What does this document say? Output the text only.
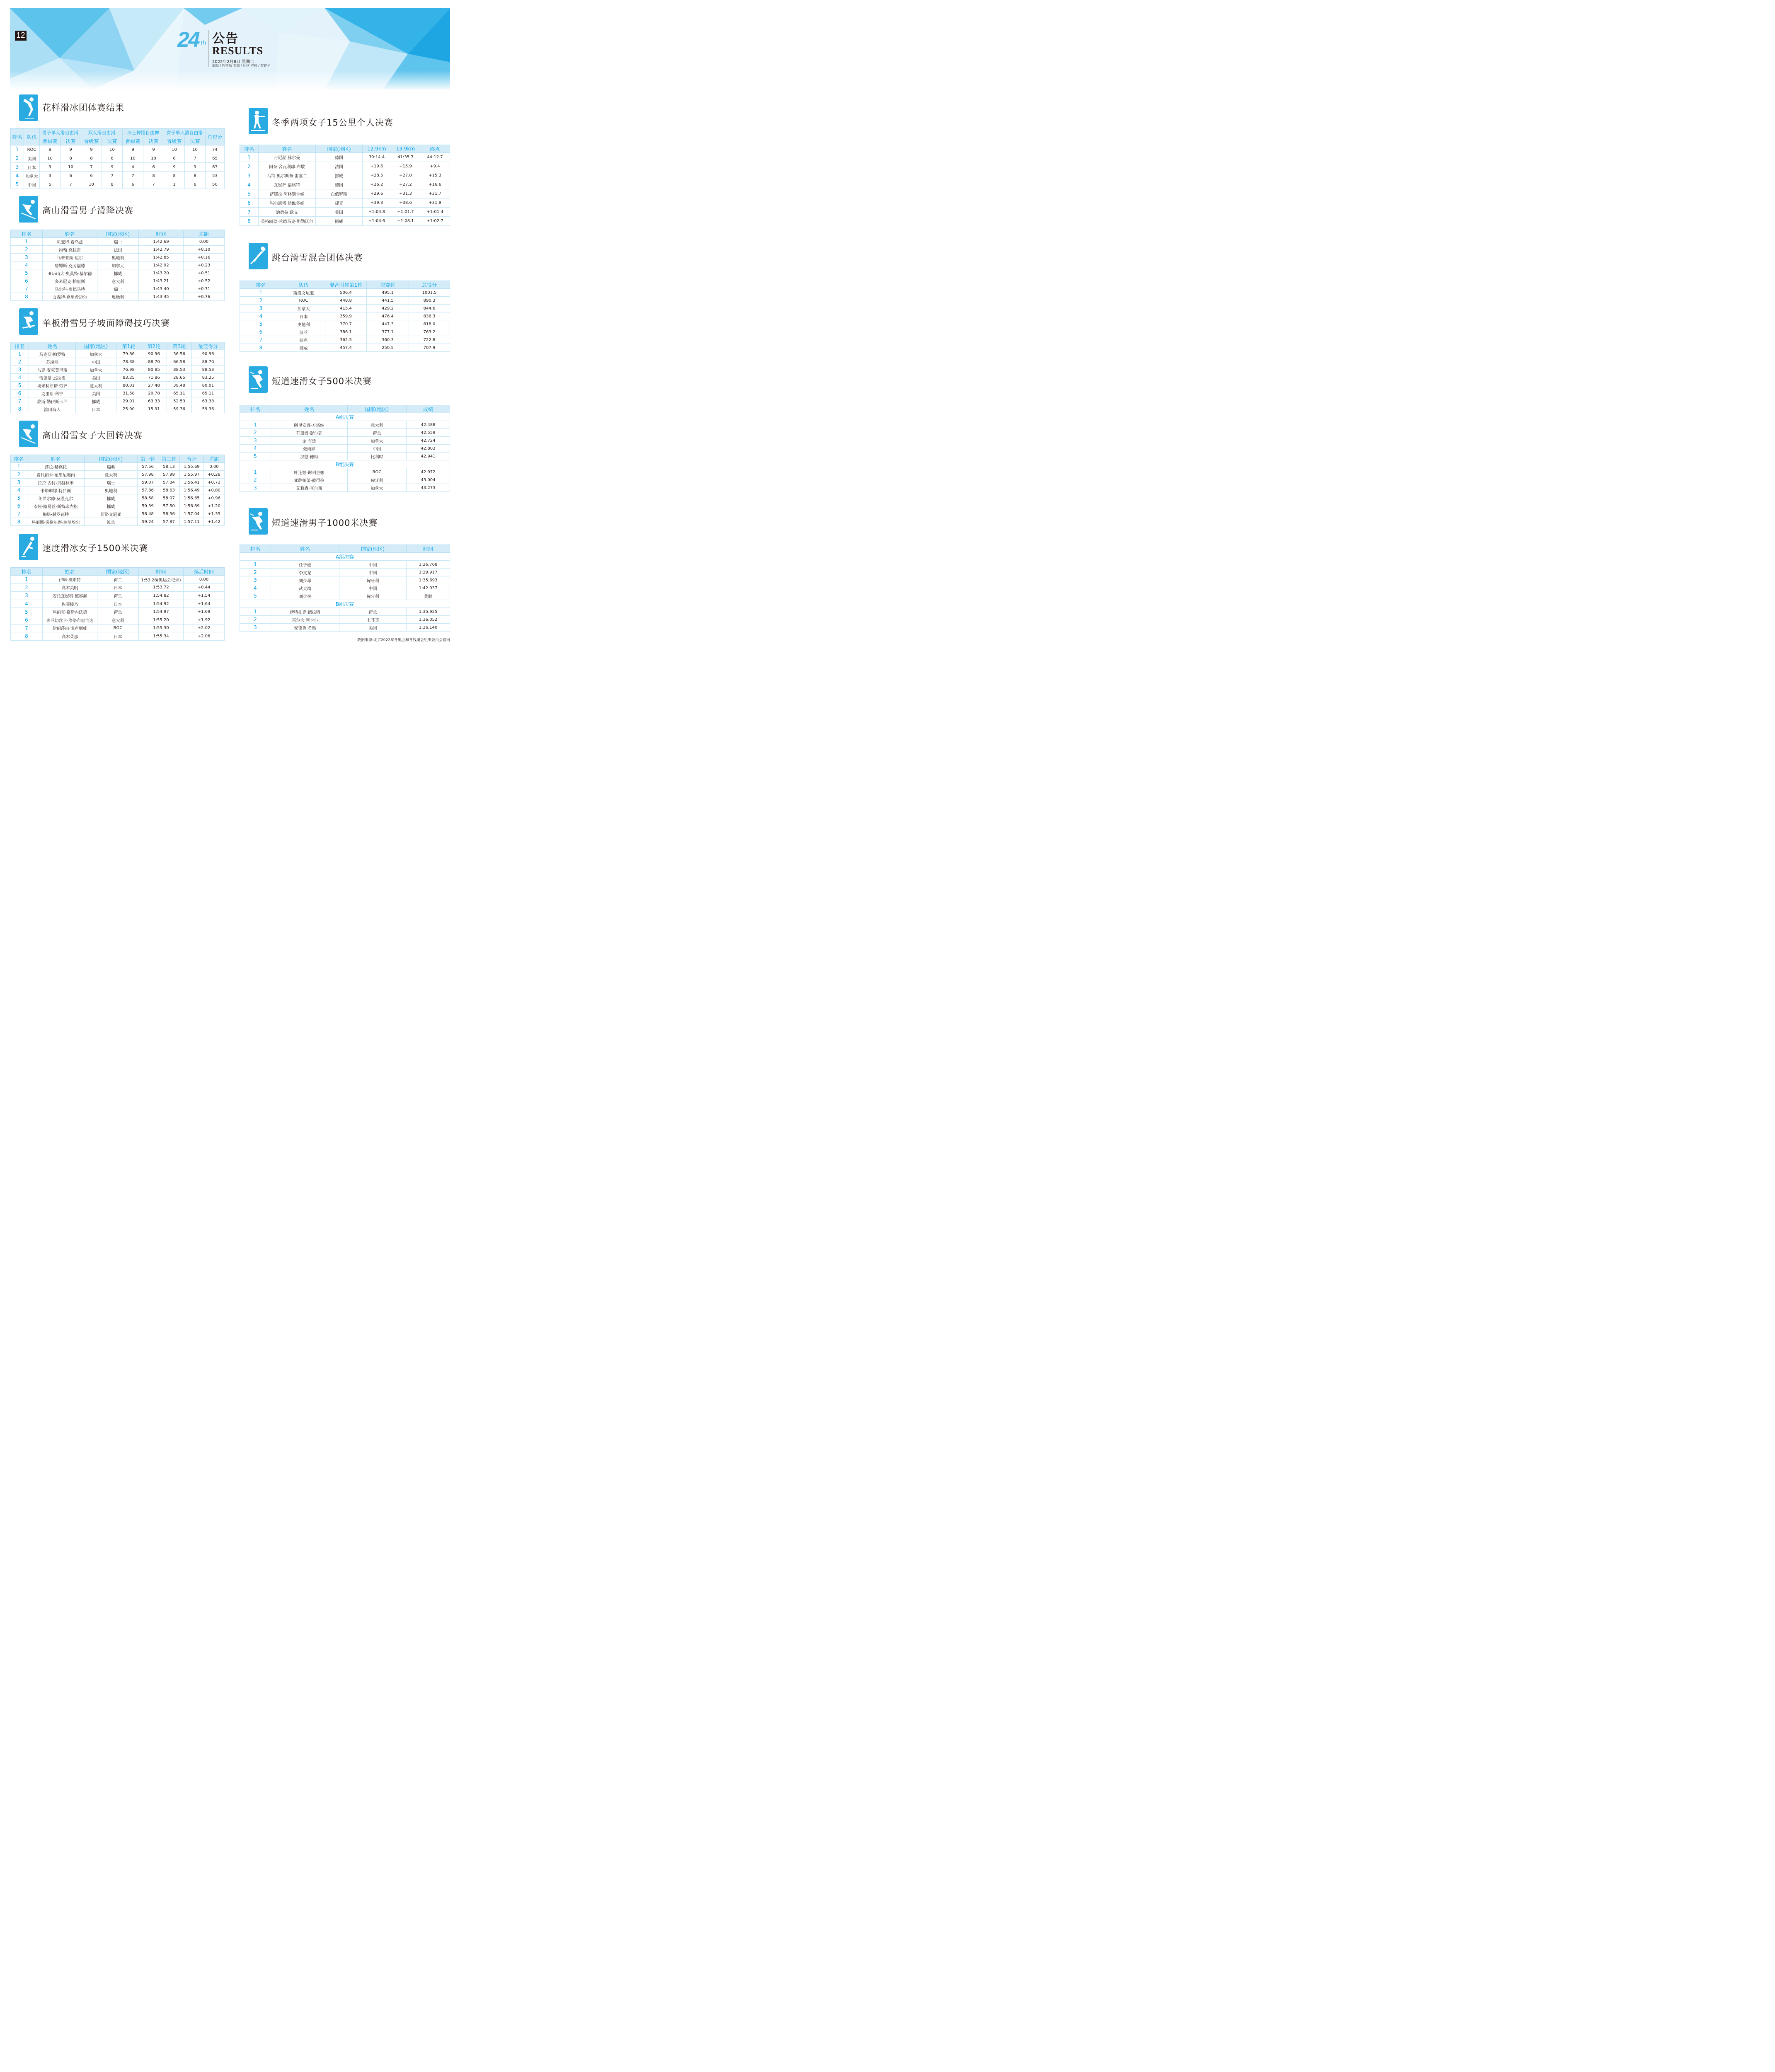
12	24 th 公告
RESULTS
2022年2月8日 星期二
编辑 / 程铭劼 美编 / 怀欣 审校 / 樊建平
花样滑冰团体赛结果
排名	队伍	男子单人滑自由滑		双人滑自由滑		冰上舞蹈自由舞		女子单人滑自由滑		总得分
		晋级赛	决赛	晋级赛	决赛	晋级赛	决赛	晋级赛	决赛	
1	ROC	8	9	9	10	9	9	10	10	74
2	美国	10	8	8	6	10	10	6	7	65
3	日本	9	10	7	9	4	6	9	9	63
4	加拿大	3	6	6	7	7	8	8	8	53
5	中国	5	7	10	8	6	7	1	6	50
高山滑雪男子滑降决赛
排名	姓名	国家(地区)	时间	差距
1	贝亚特·费乌兹	瑞士	1:42.69	0.00
2	约翰·克拉雷	法国	1:42.79	+0.10
3	马蒂亚斯·迈尔	奥地利	1:42.85	+0.16
4	詹姆斯·克劳福德	加拿大	1:42.92	+0.23
5	亚历山大·奥莫特·基尔德	挪威	1:43.20	+0.51
6	多米尼克·帕里斯	意大利	1:43.21	+0.52
7	马尔科·奥德马特	瑞士	1:43.40	+0.71
8	文森特·克里希迈尔	奥地利	1:43.45	+0.76
单板滑雪男子坡面障碍技巧决赛
排名	姓名	国家(地区)	第1轮	第2轮	第3轮	最佳得分
1	马克斯·帕罗特	加拿大	79.86	90.96	36.56	90.96
2	苏翊鸣	中国	78.38	88.70	66.58	88.70
3	马克·麦克莫里斯	加拿大	76.98	80.85	88.53	88.53
4	雷德蒙·杰拉德	美国	83.25	71.86	28.65	83.25
5	埃米利亚诺·劳齐	意大利	80.01	27.48	39.48	80.01
6	克里斯·科宁	美国	31.58	20.78	65.11	65.11
7	蒙斯·勒伊斯韦兰	挪威	29.01	63.33	52.53	63.33
8	滨田海人	日本	25.90	15.91	59.36	59.36
高山滑雪女子大回转决赛
排名	姓名	国家(地区)	第一轮	第二轮	合计	差距
1	莎拉·赫克托	瑞典	57.56	58.13	1:55.69	0.00
2	费代丽卡·布里尼奥内	意大利	57.98	57.99	1:55.97	+0.28
3	拉拉·古特-贝赫拉米	瑞士	59.07	57.34	1:56.41	+0.72
4	卡塔琳娜·特吕佩	奥地利	57.86	58.63	1:56.49	+0.80
5	朗希尔德·莫温克尔	挪威	58.58	58.07	1:56.65	+0.96
6	泰娅·路易丝·斯特耶内松	挪威	59.39	57.50	1:56.89	+1.20
7	梅塔·赫罗瓦特	斯洛文尼亚	58.48	58.56	1:57.04	+1.35
8	玛丽娜·贡谢尔察-达尼埃尔	波兰	59.24	57.87	1:57.11	+1.42
速度滑冰女子1500米决赛
排名	姓名	国家(地区)	时间	落后时间
1	伊琳·维斯特	荷兰	1:53.28(奥运会记录)	0.00
2	高木美帆	日本	1:53.72	+0.44
3	安托瓦妮特·德容赫	荷兰	1:54.82	+1.54
4	佐藤绫乃	日本	1:54.92	+1.64
5	玛丽克·格勒内沃德	荷兰	1:54.97	+1.69
6	弗兰切丝卡·洛洛布里吉达	意大利	1:55.20	+1.92
7	伊丽莎白·戈卢别娃	ROC	1:55.30	+2.02
8	高木菜那	日本	1:55.34	+2.06
冬季两项女子15公里个人决赛
排名	姓名	国家(地区)	12.9km	13.9km	终点
1	丹尼丝·赫尔曼	德国	39:14.4	41:35.7	44:12.7
2	阿奈·舍瓦利耶-布歇	法国	+19.6	+15.9	+9.4
3	马特·奥尔斯布·雷塞兰	挪威	+28.5	+27.0	+15.3
4	瓦妮萨·福格特	德国	+36.2	+27.2	+16.6
5	济娜拉·阿林别卡娃	白俄罗斯	+29.6	+31.3	+31.7
6	玛尔凯塔·达维多娃	捷克	+39.3	+38.6	+31.9
7	迪德拉·欧文	美国	+1:04.8	+1:01.7	+1:01.4
8	英格丽德·兰德马克·坦勒沃尔	挪威	+1:04.6	+1:08.1	+1:02.7
跳台滑雪混合团体决赛
排名	队伍	混合团体第1轮	决赛轮	总得分
1	斯洛文尼亚	506.4	495.1	1001.5
2	ROC	448.8	441.5	890.3
3	加拿大	415.4	429.2	844.6
4	日本	359.9	476.4	836.3
5	奥地利	370.7	447.3	818.0
6	波兰	386.1	377.1	763.2
7	捷克	362.5	360.3	722.8
8	挪威	457.4	250.5	707.9
短道速滑女子500米决赛
排名	姓名	国家(地区)	成绩
A组决赛			
1	阿里安娜·方塔纳	意大利	42.488
2	苏珊娜·舒尔廷	荷兰	42.559
3	金·布廷	加拿大	42.724
4	张雨婷	中国	42.803
5	汉娜·德梅	比利时	42.941
B组决赛			
1	叶连娜·谢列金娜	ROC	42.972
2	亚萨帕蒂·彼得拉	匈牙利	43.004
3	艾莉森·查尔斯	加拿大	43.273
短道速滑男子1000米决赛
排名	姓名	国家(地区)	时间
A组决赛			
1	任子威	中国	1:26.768
2	李文龙	中国	1:29.917
3	刘少昂	匈牙利	1:35.693
4	武大靖	中国	1:42.937
5	刘少林	匈牙利	黄牌
B组决赛			
1	伊特扎克·德拉特	荷兰	1:35.925
2	富尔坎·阿卡尔	土耳其	1:36.052
3	安德鲁·希奥	美国	1:36.140
数据来源:北京2022年冬奥会和冬残奥会组织委员会官网
